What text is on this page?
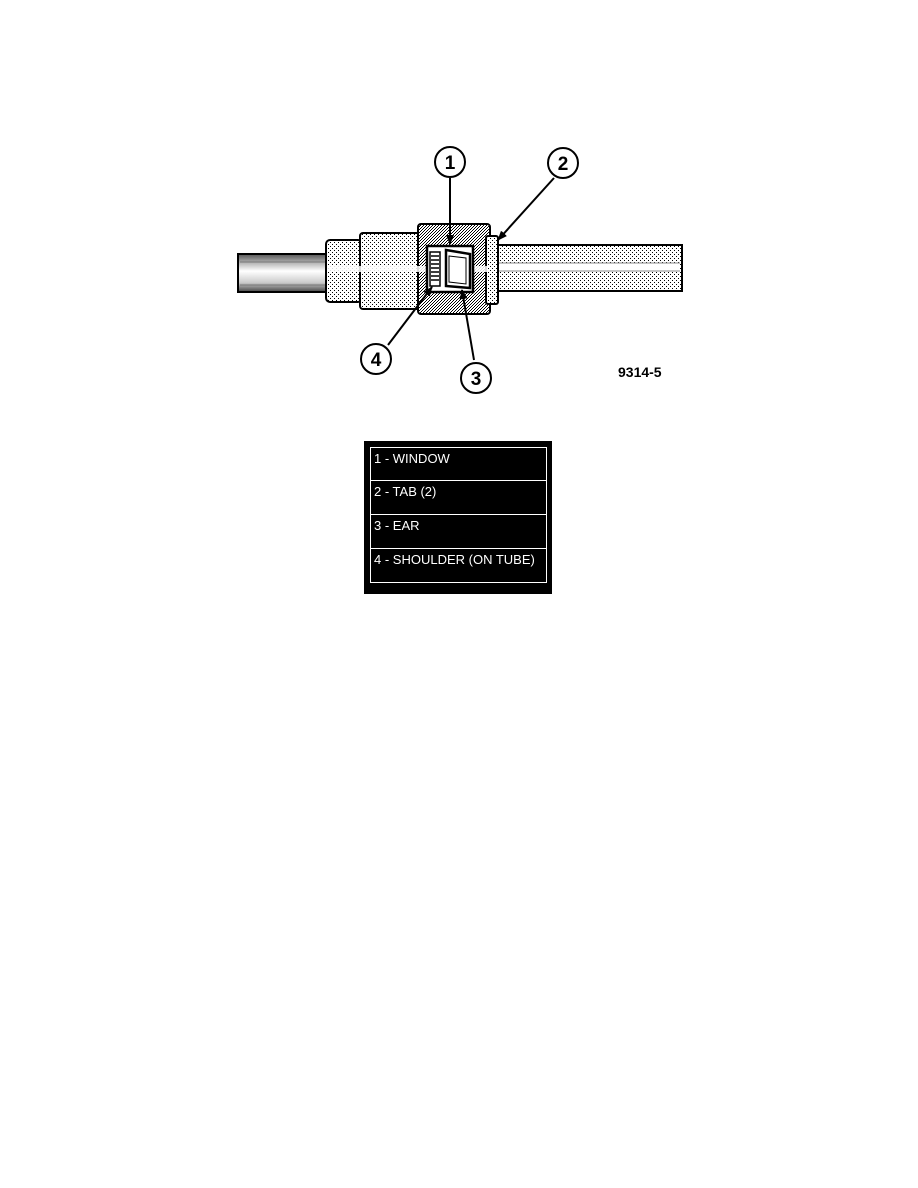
1	2
3
4
9314-5
1 - WINDOW
2 - TAB (2)
3 - EAR
4 - SHOULDER (ON TUBE)
